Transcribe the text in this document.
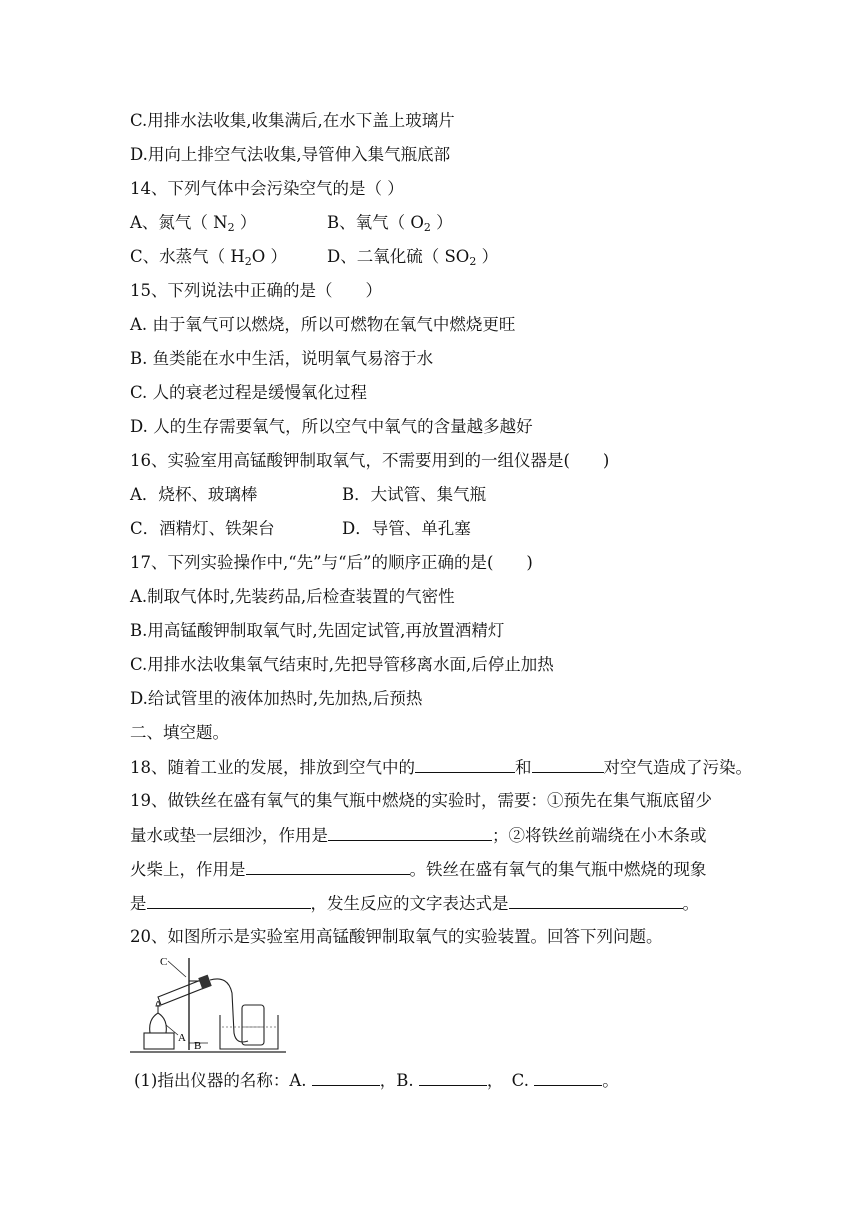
C.用排水法收集,收集满后,在水下盖上玻璃片
D.用向上排空气法收集,导管伸入集气瓶底部
14、下列气体中会污染空气的是（ ）
A、氮气（ $N_2$ ）	B、氧气（ $O_2$ ）
C、水蒸气（ $H_2O$ ） D、二氧化硫（ $SO_2$ ）
15、下列说法中正确的是（　　）
A. 由于氧气可以燃烧，所以可燃物在氧气中燃烧更旺
B. 鱼类能在水中生活，说明氧气易溶于水
C. 人的衰老过程是缓慢氧化过程
D. 人的生存需要氧气，所以空气中氧气的含量越多越好
16、实验室用高锰酸钾制取氧气，不需要用到的一组仪器是(　　)
A．烧杯、玻璃棒	B．大试管、集气瓶
C．酒精灯、铁架台	D．导管、单孔塞
17、下列实验操作中,“先”与“后”的顺序正确的是(　　)
A.制取气体时,先装药品,后检查装置的气密性
B.用高锰酸钾制取氧气时,先固定试管,再放置酒精灯
C.用排水法收集氧气结束时,先把导管移离水面,后停止加热
D.给试管里的液体加热时,先加热,后预热
二、填空题。
18、随着工业的发展，排放到空气中的	和	对空气造成了污染。
19、做铁丝在盛有氧气的集气瓶中燃烧的实验时，需要：①预先在集气瓶底留少
量水或垫一层细沙，作用是	；②将铁丝前端绕在小木条或
火柴上，作用是	。铁丝在盛有氧气的集气瓶中燃烧的现象
是	，发生反应的文字表达式是	。
20、如图所示是实验室用高锰酸钾制取氧气的实验装置。回答下列问题。
C
A
B
(1)指出仪器的名称：A.	，B.	，　C.	。
